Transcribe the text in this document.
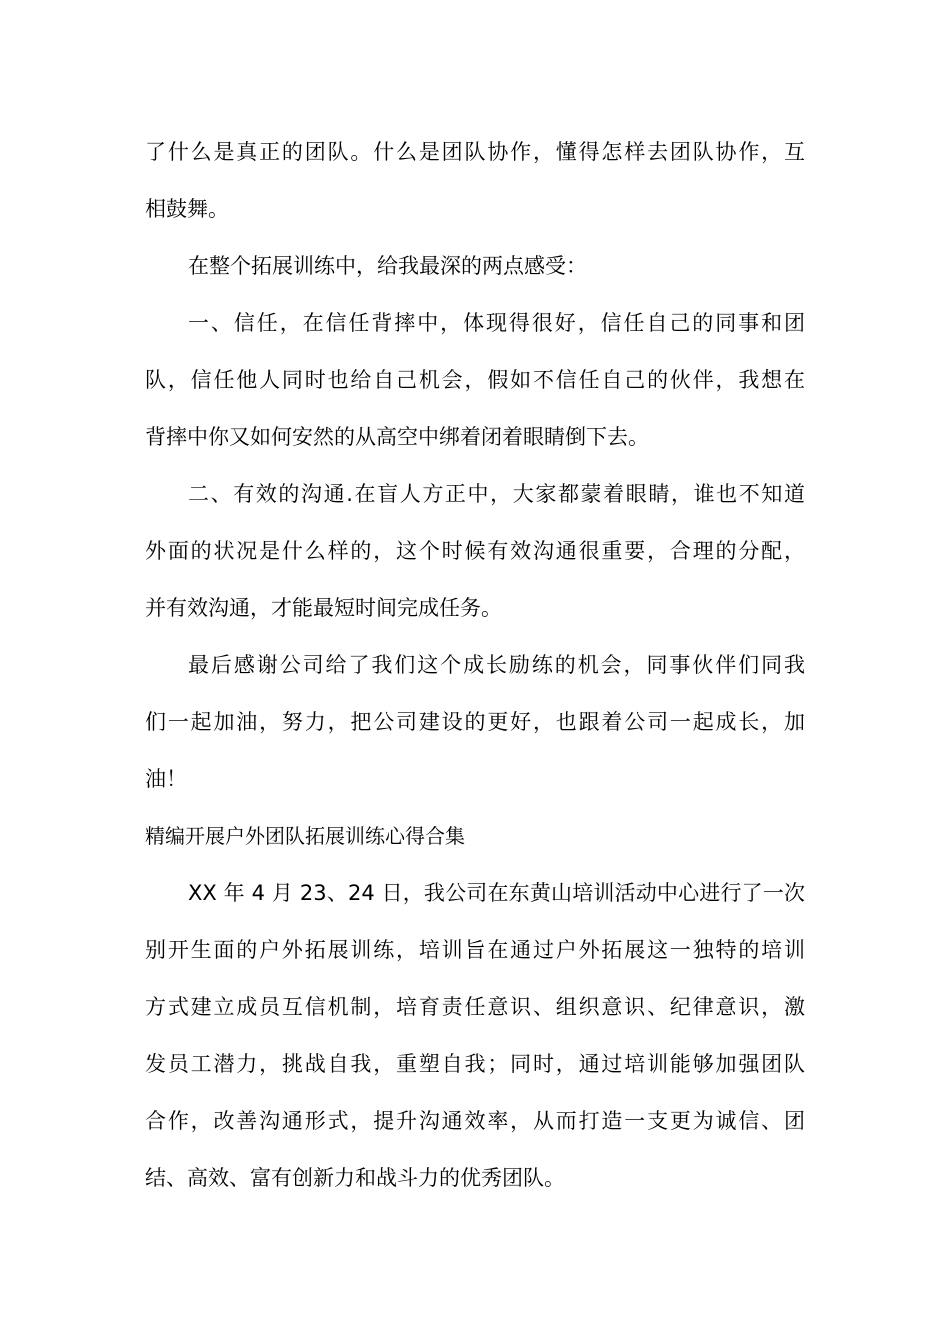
了什么是真正的团队。什么是团队协作，懂得怎样去团队协作，互
相鼓舞。
在整个拓展训练中，给我最深的两点感受：
一、信任，在信任背摔中，体现得很好，信任自己的同事和团
队，信任他人同时也给自己机会，假如不信任自己的伙伴，我想在
背摔中你又如何安然的从高空中绑着闭着眼睛倒下去。
二、有效的沟通.在盲人方正中，大家都蒙着眼睛，谁也不知道
外面的状况是什么样的，这个时候有效沟通很重要，合理的分配，
并有效沟通，才能最短时间完成任务。
最后感谢公司给了我们这个成长励练的机会，同事伙伴们同我
们一起加油，努力，把公司建设的更好，也跟着公司一起成长，加
油！
精编开展户外团队拓展训练心得合集
XX 年 4 月 23、24 日，我公司在东黄山培训活动中心进行了一次
别开生面的户外拓展训练，培训旨在通过户外拓展这一独特的培训
方式建立成员互信机制，培育责任意识、组织意识、纪律意识，激
发员工潜力，挑战自我，重塑自我；同时，通过培训能够加强团队
合作，改善沟通形式，提升沟通效率，从而打造一支更为诚信、团
结、高效、富有创新力和战斗力的优秀团队。
